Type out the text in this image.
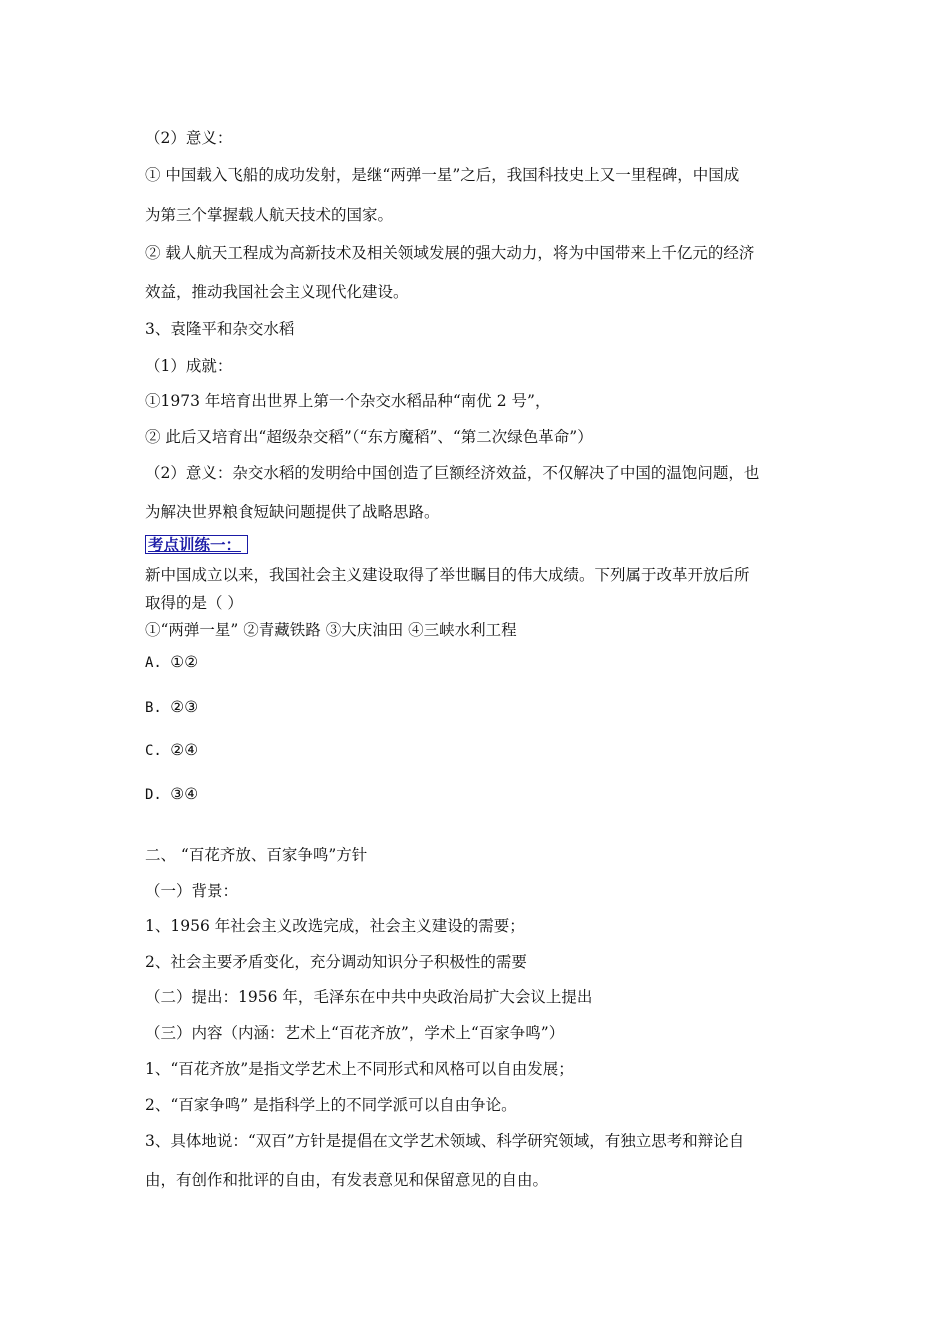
（2）意义：
① 中国载入飞船的成功发射，是继“两弹一星”之后，我国科技史上又一里程碑，中国成
为第三个掌握载人航天技术的国家。
② 载人航天工程成为高新技术及相关领域发展的强大动力，将为中国带来上千亿元的经济
效益，推动我国社会主义现代化建设。
3、袁隆平和杂交水稻
（1）成就：
①1973 年培育出世界上第一个杂交水稻品种“南优 2 号”，
② 此后又培育出“超级杂交稻”（“东方魔稻”、“第二次绿色革命”）
（2）意义：杂交水稻的发明给中国创造了巨额经济效益，不仅解决了中国的温饱问题，也
为解决世界粮食短缺问题提供了战略思路。
考点训练一：
新中国成立以来，我国社会主义建设取得了举世瞩目的伟大成绩。下列属于改革开放后所
取得的是（ ）
①“两弹一星” ②青藏铁路 ③大庆油田 ④三峡水利工程
A. ①②
B. ②③
C. ②④
D. ③④
二、 “百花齐放、百家争鸣”方针
（一）背景：
1、1956 年社会主义改选完成，社会主义建设的需要；
2、社会主要矛盾变化，充分调动知识分子积极性的需要
（二）提出：1956 年，毛泽东在中共中央政治局扩大会议上提出
（三）内容（内涵：艺术上“百花齐放”，学术上“百家争鸣”）
1、“百花齐放”是指文学艺术上不同形式和风格可以自由发展；
2、“百家争鸣” 是指科学上的不同学派可以自由争论。
3、具体地说：“双百”方针是提倡在文学艺术领域、科学研究领域，有独立思考和辩论自
由，有创作和批评的自由，有发表意见和保留意见的自由。
